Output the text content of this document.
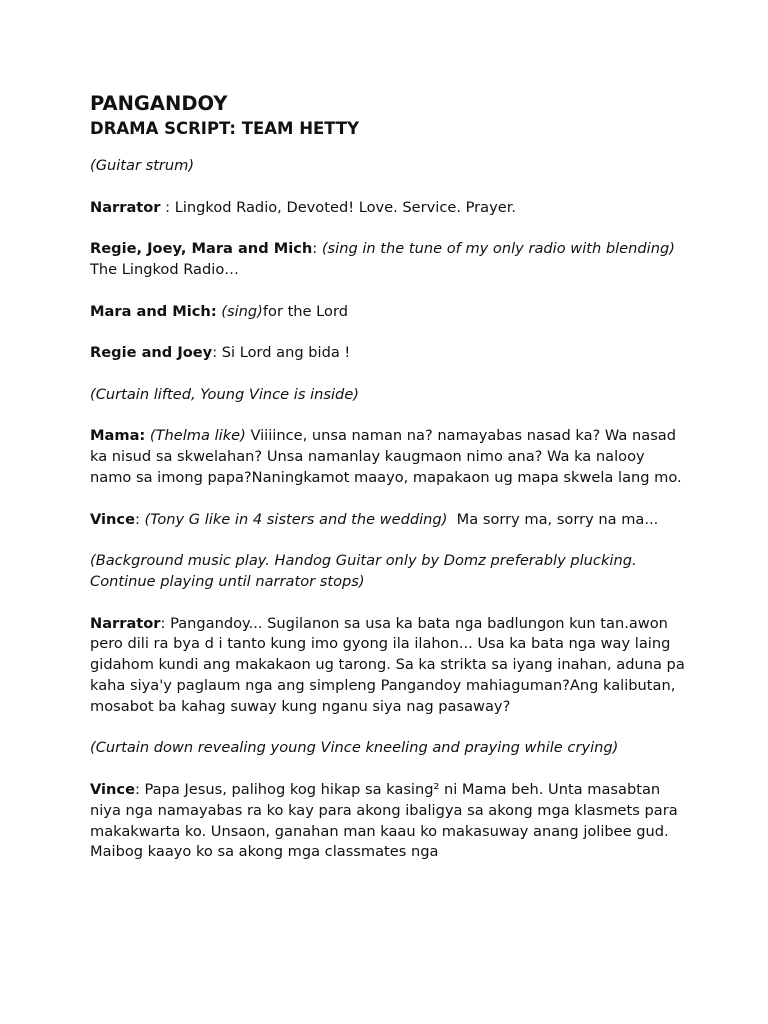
PANGANDOY
DRAMA SCRIPT: TEAM HETTY

(Guitar strum)

Narrator : Lingkod Radio, Devoted! Love. Service. Prayer.

Regie, Joey, Mara and Mich: (sing in the tune of my only radio with blending)  The Lingkod Radio…

Mara and Mich: (sing)for the Lord

Regie and Joey: Si Lord ang bida !

(Curtain lifted, Young Vince is inside)

Mama: (Thelma like) Viiiince, unsa naman na? namayabas nasad ka? Wa nasad ka nisud sa skwelahan? Unsa namanlay kaugmaon nimo ana? Wa ka nalooy namo sa imong papa?Naningkamot maayo, mapakaon ug mapa skwela lang mo.

Vince: (Tony G like in 4 sisters and the wedding)  Ma sorry ma, sorry na ma...

(Background music play. Handog Guitar only by Domz preferably plucking. Continue playing until narrator stops)

Narrator: Pangandoy... Sugilanon sa usa ka bata nga badlungon kun tan.awon pero dili ra bya d i tanto kung imo gyong ila ilahon... Usa ka bata nga way laing gidahom kundi ang makakaon ug tarong. Sa ka strikta sa iyang inahan, aduna pa kaha siya'y paglaum nga ang simpleng Pangandoy mahiaguman?Ang kalibutan, mosabot ba kahag suway kung nganu siya nag pasaway?

(Curtain down revealing young Vince kneeling and praying while crying)

Vince: Papa Jesus, palihog kog hikap sa kasing² ni Mama beh. Unta masabtan niya nga namayabas ra ko kay para akong ibaligya sa akong mga klasmets para makakwarta ko. Unsaon, ganahan man kaau ko makasuway anang jolibee gud. Maibog kaayo ko sa akong mga classmates nga
